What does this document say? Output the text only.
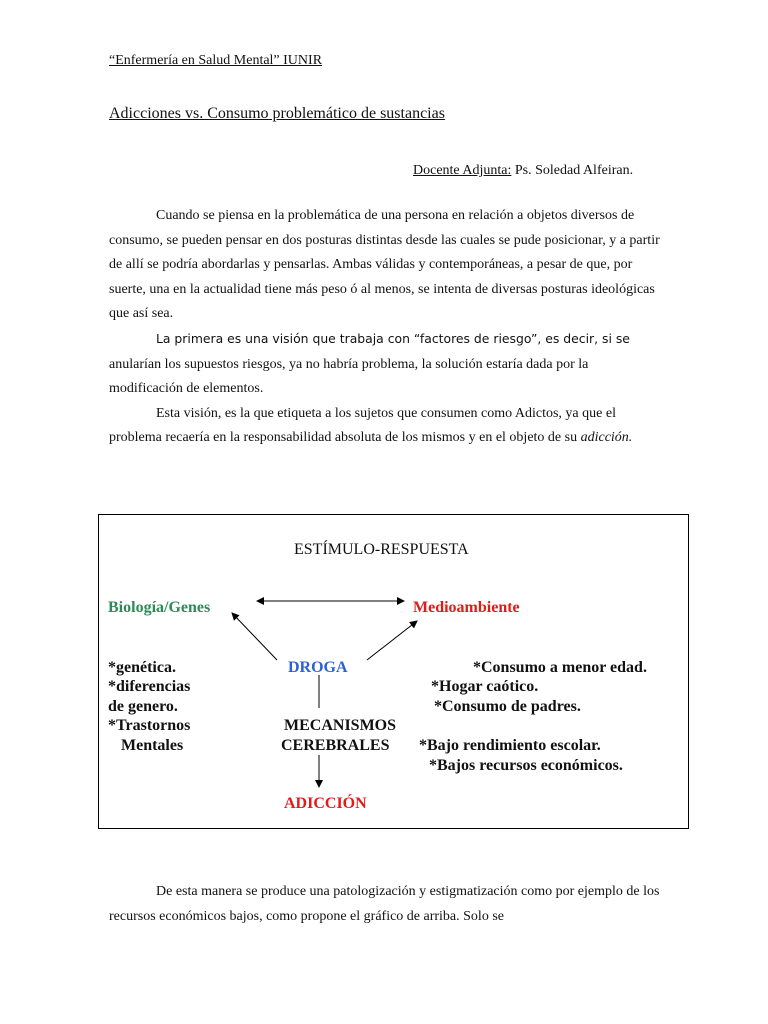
“Enfermería en Salud Mental” IUNIR
Adicciones vs. Consumo problemático de sustancias
Docente Adjunta: Ps. Soledad Alfeiran.

Cuando se piensa en la problemática de una persona en relación a objetos diversos de consumo, se pueden pensar en dos posturas distintas desde las cuales se pude posicionar, y a partir de allí se podría abordarlas y pensarlas. Ambas válidas y contemporáneas, a pesar de que, por suerte, una en la actualidad tiene más peso ó al menos, se intenta de diversas posturas ideológicas que así sea.

La primera es una visión que trabaja con “factores de riesgo”, es decir, si se anularían los supuestos riesgos, ya no habría problema, la solución estaría dada por la modificación de elementos.

Esta visión, es la que etiqueta a los sujetos que consumen como Adictos, ya que el problema recaería en la responsabilidad absoluta de los mismos y en el objeto de su adicción.

ESTÍMULO-RESPUESTA
Biología/Genes	Medioambiente
DROGA
*genética.
*diferencias
de genero.
*Trastornos
Mentales
MECANISMOS
CEREBRALES
ADICCIÓN
*Consumo a menor edad.
*Hogar caótico.
*Consumo de padres.
*Bajo rendimiento escolar.
*Bajos recursos económicos.

De esta manera se produce una patologización y estigmatización como por ejemplo de los recursos económicos bajos, como propone el gráfico de arriba. Solo se
